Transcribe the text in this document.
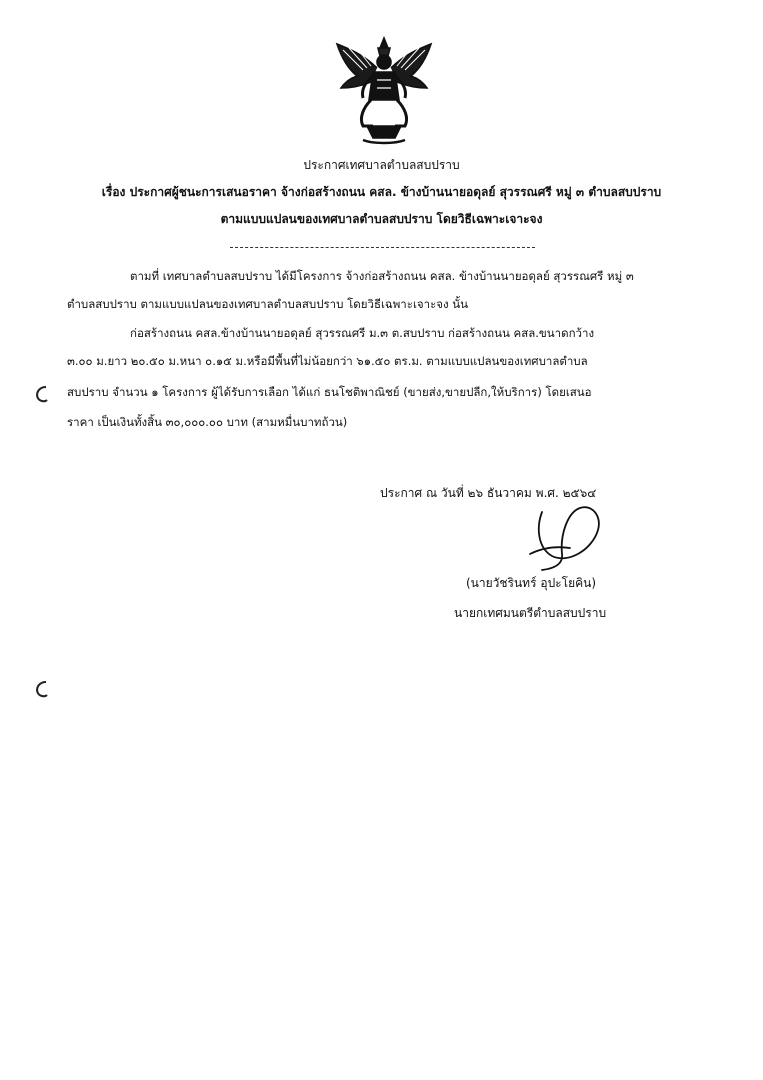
ประกาศเทศบาลตำบลสบปราบ
เรื่อง ประกาศผู้ชนะการเสนอราคา จ้างก่อสร้างถนน คสล. ข้างบ้านนายอดุลย์ สุวรรณศรี หมู่ ๓ ตำบลสบปราบ
ตามแบบแปลนของเทศบาลตำบลสบปราบ โดยวิธีเฉพาะเจาะจง
ตามที่ เทศบาลตำบลสบปราบ ได้มีโครงการ จ้างก่อสร้างถนน คสล. ข้างบ้านนายอดุลย์ สุวรรณศรี หมู่ ๓
ตำบลสบปราบ ตามแบบแปลนของเทศบาลตำบลสบปราบ โดยวิธีเฉพาะเจาะจง นั้น
ก่อสร้างถนน คสล.ข้างบ้านนายอดุลย์ สุวรรณศรี ม.๓ ต.สบปราบ ก่อสร้างถนน คสล.ขนาดกว้าง
๓.๐๐ ม.ยาว ๒๐.๕๐ ม.หนา ๐.๑๕ ม.หรือมีพื้นที่ไม่น้อยกว่า ๖๑.๕๐ ตร.ม. ตามแบบแปลนของเทศบาลตำบล
สบปราบ จำนวน ๑ โครงการ ผู้ได้รับการเลือก ได้แก่ ธนโชติพาณิชย์ (ขายส่ง,ขายปลีก,ให้บริการ) โดยเสนอ
ราคา เป็นเงินทั้งสิ้น ๓๐,๐๐๐.๐๐ บาท (สามหมื่นบาทถ้วน)
ประกาศ ณ วันที่ ๒๖ ธันวาคม พ.ศ. ๒๕๖๔
(นายวัชรินทร์ อุปะโยคิน)
นายกเทศมนตรีตำบลสบปราบ
